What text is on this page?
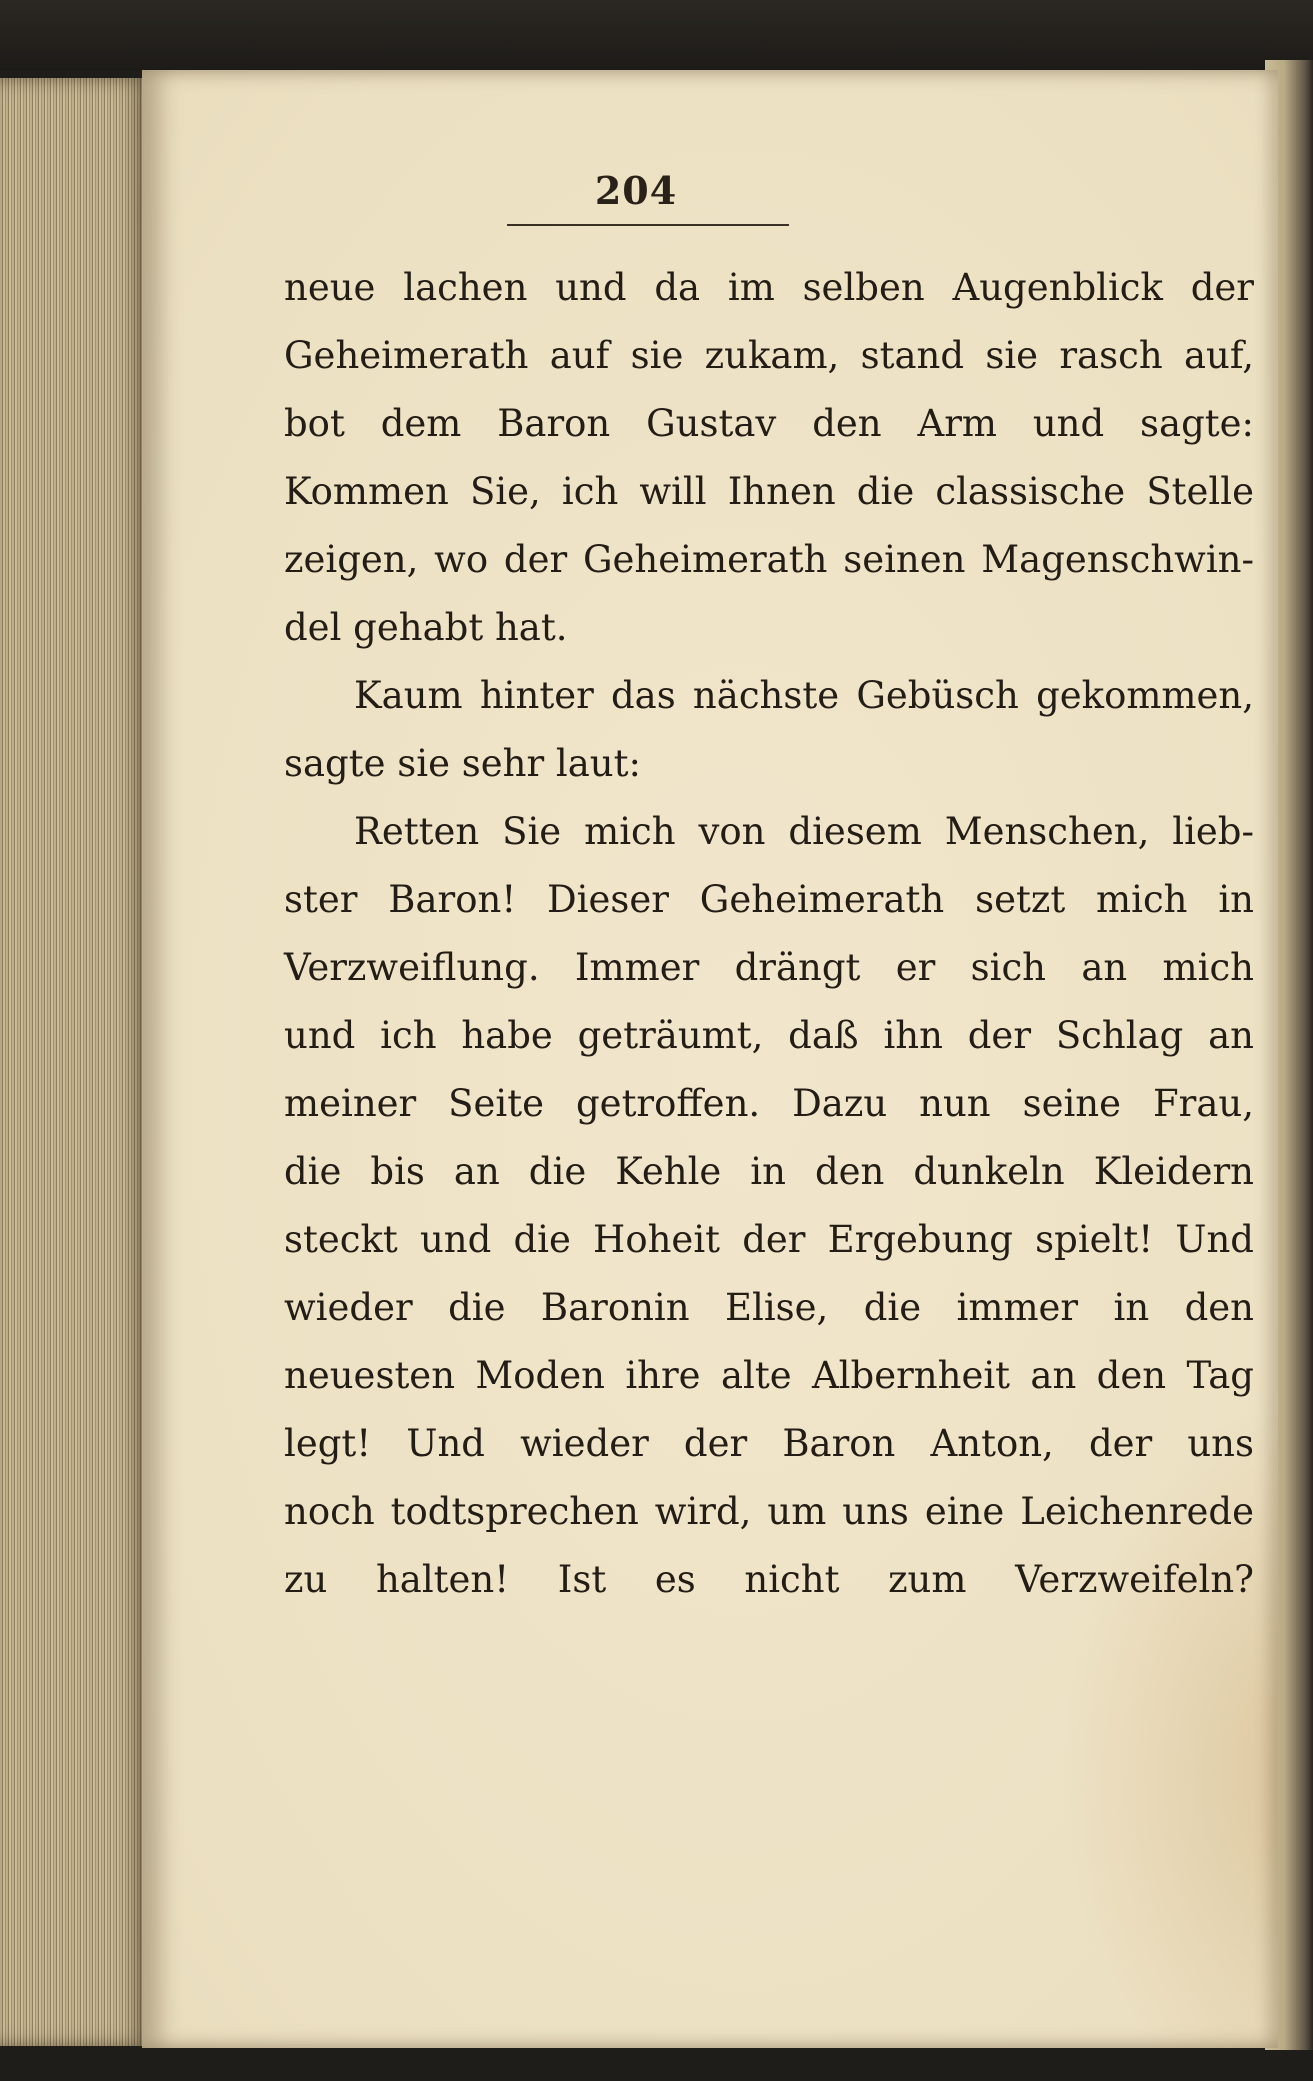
204
neue lachen und da im selben Augenblick der
Geheimerath auf sie zukam, stand sie rasch auf,
bot dem Baron Gustav den Arm und sagte:
Kommen Sie, ich will Ihnen die classische Stelle
zeigen, wo der Geheimerath seinen Magenschwin-
del gehabt hat.
Kaum hinter das nächste Gebüsch gekommen,
sagte sie sehr laut:
Retten Sie mich von diesem Menschen, lieb-
ster Baron! Dieser Geheimerath setzt mich in
Verzweiflung. Immer drängt er sich an mich
und ich habe geträumt, daß ihn der Schlag an
meiner Seite getroffen. Dazu nun seine Frau,
die bis an die Kehle in den dunkeln Kleidern
steckt und die Hoheit der Ergebung spielt! Und
wieder die Baronin Elise, die immer in den
neuesten Moden ihre alte Albernheit an den Tag
legt! Und wieder der Baron Anton, der uns
noch todtsprechen wird, um uns eine Leichenrede
zu halten! Ist es nicht zum Verzweifeln?
